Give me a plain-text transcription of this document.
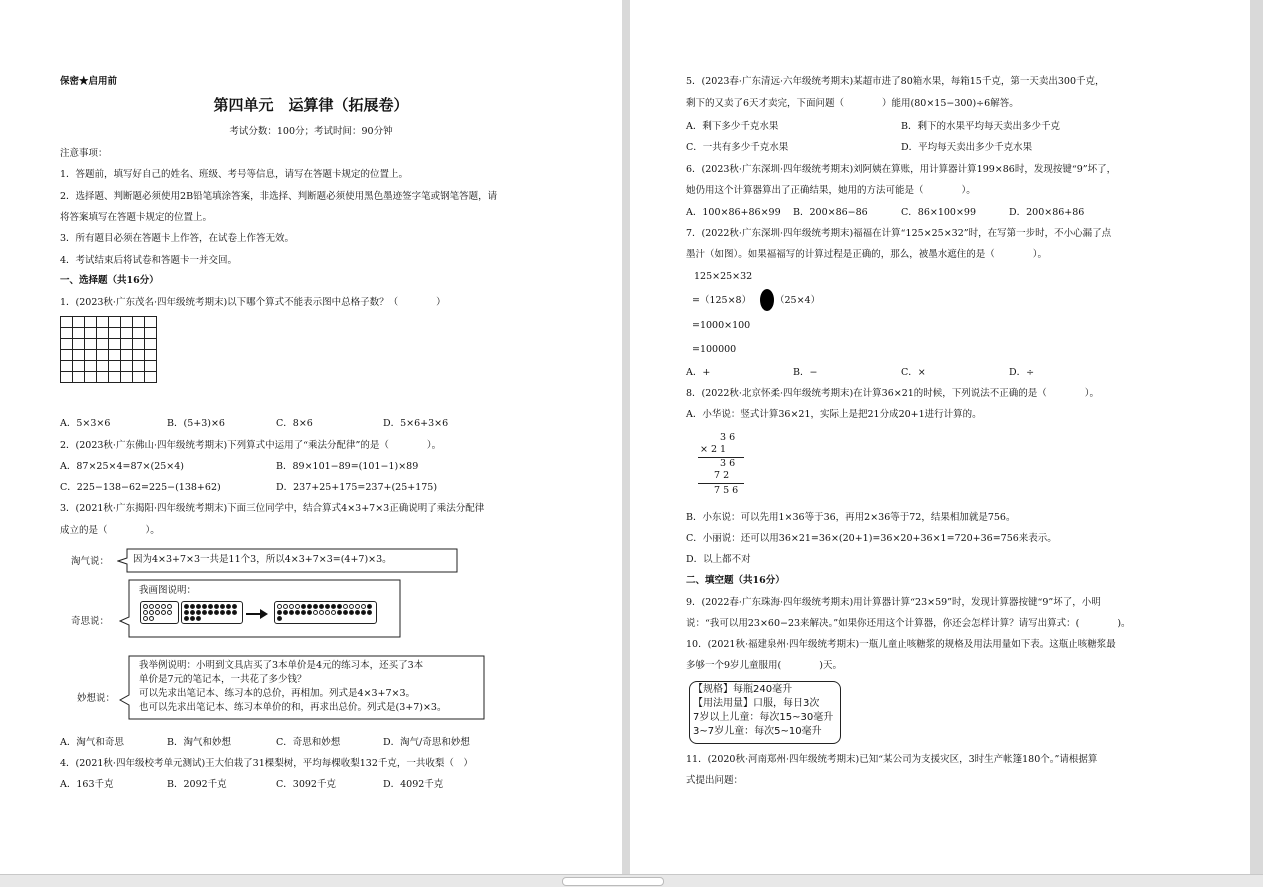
保密★启用前
第四单元　运算律（拓展卷）
考试分数：100分；考试时间：90分钟
注意事项：
1．答题前，填写好自己的姓名、班级、考号等信息，请写在答题卡规定的位置上。
2．选择题、判断题必须使用2B铅笔填涂答案，非选择、判断题必须使用黑色墨迹签字笔或钢笔答题，请
将答案填写在答题卡规定的位置上。
3．所有题目必须在答题卡上作答，在试卷上作答无效。
4．考试结束后将试卷和答题卡一并交回。
一、选择题（共16分）
1．(2023秋·广东茂名·四年级统考期末)以下哪个算式不能表示图中总格子数？（　　　　）

A．5×3×6	B．(5+3)×6	C．8×6	D．5×6+3×6
2．(2023秋·广东佛山·四年级统考期末)下列算式中运用了“乘法分配律”的是（　　　　）。
A．87×25×4=87×(25×4)	B．89×101−89=(101−1)×89
C．225−138−62=225−(138+62)	D．237+25+175=237+(25+175)
3．(2021秋·广东揭阳·四年级统考期末)下面三位同学中，结合算式4×3+7×3正确说明了乘法分配律
成立的是（　　　　）。
淘气说：	因为4×3+7×3一共是11个3，所以4×3+7×3=(4+7)×3。
奇思说：
我画图说明：
妙想说：
我举例说明：小明到文具店买了3本单价是4元的练习本，还买了3本
单价是7元的笔记本，一共花了多少钱？
可以先求出笔记本、练习本的总价，再相加。列式是4×3+7×3。
也可以先求出笔记本、练习本单价的和，再求出总价。列式是(3+7)×3。
A．淘气和奇思	B．淘气和妙想	C．奇思和妙想	D．淘气/奇思和妙想
4．(2021秋·四年级校考单元测试)王大伯栽了31棵梨树，平均每棵收梨132千克，一共收梨（　）
A．163千克	B．2092千克	C．3092千克	D．4092千克
5．(2023春·广东清远·六年级统考期末)某超市进了80箱水果，每箱15千克，第一天卖出300千克，
剩下的又卖了6天才卖完，下面问题（　　　　）能用(80×15−300)÷6解答。
A．剩下多少千克水果	B．剩下的水果平均每天卖出多少千克
C．一共有多少千克水果	D．平均每天卖出多少千克水果
6．(2023秋·广东深圳·四年级统考期末)刘阿姨在算账，用计算器计算199×86时，发现按键“9”坏了，
她仍用这个计算器算出了正确结果，她用的方法可能是（　　　　）。
A．100×86+86×99 B．200×86−86	C．86×100×99	D．200×86+86
7．(2022秋·广东深圳·四年级统考期末)福福在计算“125×25×32”时，在写第一步时，不小心漏了点
墨汁（如图）。如果福福写的计算过程是正确的，那么，被墨水遮住的是（　　　　）。
125×25×32
=（125×8）	（25×4）
=1000×100
=100000
A．+	B．−	C．×	D．÷
8．(2022秋·北京怀柔·四年级统考期末)在计算36×21的时候，下列说法不正确的是（　　　　）。
A．小华说：竖式计算36×21，实际上是把21分成20+1进行计算的。
3 6
× 2 1
3 6
7 2
7 5 6
B．小东说：可以先用1×36等于36，再用2×36等于72，结果相加就是756。
C．小丽说：还可以用36×21=36×(20+1)=36×20+36×1=720+36=756来表示。
D．以上都不对
二、填空题（共16分）
9．(2022春·广东珠海·四年级统考期末)用计算器计算“23×59”时，发现计算器按键“9”坏了，小明
说：“我可以用23×60−23来解决。”如果你还用这个计算器，你还会怎样计算？请写出算式：(　　　　)。
10．(2021秋·福建泉州·四年级统考期末)一瓶儿童止咳糖浆的规格及用法用量如下表。这瓶止咳糖浆最
多够一个9岁儿童服用(　　　　)天。
【规格】每瓶240毫升
【用法用量】口服，每日3次
7岁以上儿童：每次15~30毫升
3~7岁儿童：每次5~10毫升
11．(2020秋·河南郑州·四年级统考期末)已知“某公司为支援灾区，3时生产帐篷180个。”请根据算
式提出问题：
